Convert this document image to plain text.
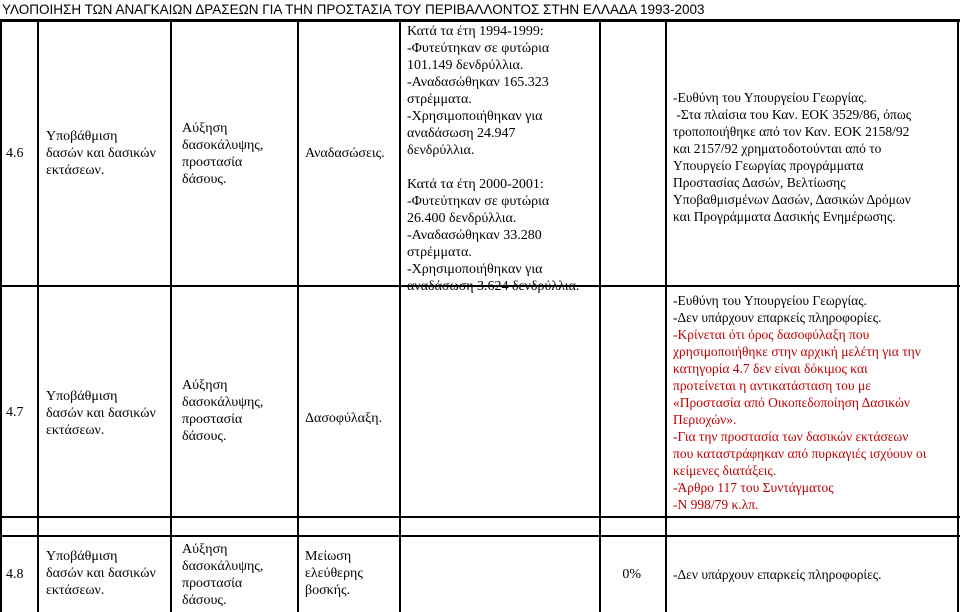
ΥΛΟΠΟΙΗΣΗ ΤΩΝ ΑΝΑΓΚΑΙΩΝ ΔΡΑΣΕΩΝ ΓΙΑ ΤΗΝ ΠΡΟΣΤΑΣΙΑ ΤΟΥ ΠΕΡΙΒΑΛΛΟΝΤΟΣ ΣΤΗΝ ΕΛΛΑΔΑ 1993-2003
4.6

Υποβάθμιση

δασών και δασικών

εκτάσεων.

Αύξηση

δασοκάλυψης,

προστασία

δάσους.

Αναδασώσεις.

Κατά τα έτη 1994-1999:

-Φυτεύτηκαν σε φυτώρια

101.149 δενδρύλλια.

-Αναδασώθηκαν 165.323

στρέμματα.

-Χρησιμοποιήθηκαν για

αναδάσωση 24.947

δενδρύλλια.

Κατά τα έτη 2000-2001:

-Φυτεύτηκαν σε φυτώρια

26.400 δενδρύλλια.

-Αναδασώθηκαν 33.280

στρέμματα.

-Χρησιμοποιήθηκαν για

αναδάσωση 3.624 δενδρύλλια.

-Ευθύνη του Υπουργείου Γεωργίας.

-Στα πλαίσια του Καν. ΕΟΚ 3529/86, όπως

τροποποιήθηκε από τον Καν. ΕΟΚ 2158/92

και 2157/92 χρηματοδοτούνται από το

Υπουργείο Γεωργίας προγράμματα

Προστασίας Δασών, Βελτίωσης

Υποβαθμισμένων Δασών, Δασικών Δρόμων

και Προγράμματα Δασικής Ενημέρωσης.

4.7

Υποβάθμιση

δασών και δασικών

εκτάσεων.

Αύξηση

δασοκάλυψης,

προστασία

δάσους.

Δασοφύλαξη.

-Ευθύνη του Υπουργείου Γεωργίας.

-Δεν υπάρχουν επαρκείς πληροφορίες.

-Κρίνεται ότι όρος δασοφύλαξη που

χρησιμοποιήθηκε στην αρχική μελέτη για την

κατηγορία 4.7 δεν είναι δόκιμος και

προτείνεται η αντικατάσταση του με

«Προστασία από Οικοπεδοποίηση Δασικών

Περιοχών».

-Για την προστασία των δασικών εκτάσεων

που καταστράφηκαν από πυρκαγιές ισχύουν οι

κείμενες διατάξεις.

-Άρθρο 117 του Συντάγματος

-Ν 998/79 κ.λπ.

4.8

Υποβάθμιση

δασών και δασικών

εκτάσεων.

Αύξηση

δασοκάλυψης,

προστασία

δάσους.

Μείωση

ελεύθερης

βοσκής.

0% -Δεν υπάρχουν επαρκείς πληροφορίες.
